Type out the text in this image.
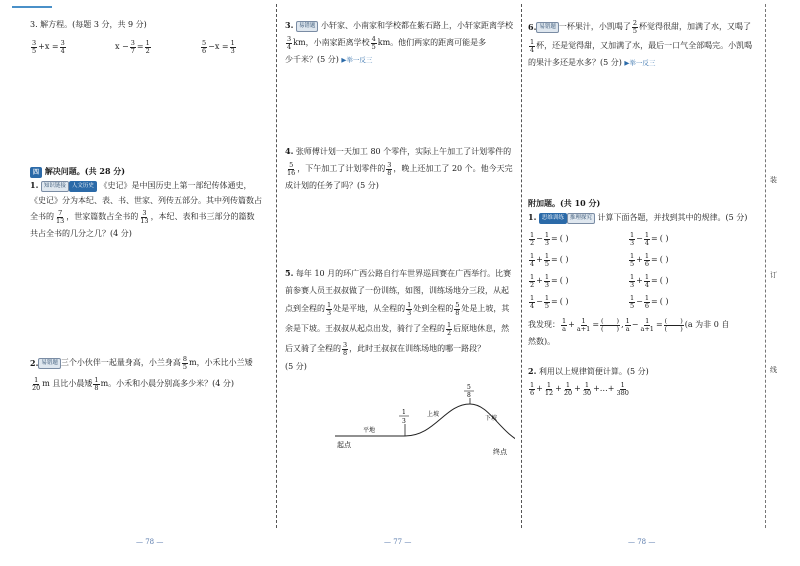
装
订
线
3. 解方程。(每题 3 分，共 9 分)
$\frac{3}{5} +x = \frac{3}{4}$	$x - \frac{3}{7} = \frac{1}{2}$	$\frac{5}{6} -x = \frac{1}{3}$
四 解决问题。(共 28 分)
1. 知识链接 人文历史 《史记》是中国历史上第一部纪传体通史，
《史记》分为本纪、表、书、世家、列传五部分。其中列传篇数占
全书的 $\frac{7}{13}$ ，世家篇数占全书的 $\frac{3}{13}$ ，本纪、表和书三部分的篇数
共占全书的几分之几？(4 分)
2. 易错题 三个小伙伴一起量身高，小兰身高 $\frac{8}{5}$ m，小禾比小兰矮
$\frac{1}{20}$ m 且比小晨矮 $\frac{1}{8}$ m。小禾和小晨分别高多少米？(4 分)
— 78 —
3. 易错题 小轩家、小南家和学校都在紫石路上，小轩家距离学校
$\frac{3}{4}$ km，小南家距离学校 $\frac{4}{5}$ km。他们两家的距离可能是多
少千米？(5 分) ▶举一反三
4. 张师傅计划一天加工 80 个零件，实际上午加工了计划零件的
$\frac{5}{16}$ ，下午加工了计划零件的 $\frac{3}{8}$ ，晚上还加工了 20 个。他今天完
成计划的任务了吗？(5 分)
5. 每年 10 月的环广西公路自行车世界巡回赛在广西举行。比赛
前参赛人员王叔叔做了一份训练，如图，训练场地分三段，从起
点到全程的 $\frac{1}{3}$ 处是平地，从全程的 $\frac{1}{3}$ 处到全程的 $\frac{5}{8}$ 处是上坡，其
余是下坡。王叔叔从起点出发，骑行了全程的 $\frac{1}{2}$ 后原地休息，然
后又骑了全程的 $\frac{3}{8}$ ，此时王叔叔在训练场地的哪一路段？
(5 分)
起点
平地
上坡
下坡
终点
1
3
5
8
— 77 —
6. 易错题 一杯果汁，小凯喝了 $\frac{2}{5}$ 杯觉得很甜，加满了水，又喝了
$\frac{1}{4}$ 杯，还是觉得甜，又加满了水，最后一口气全部喝完。小凯喝
的果汁多还是水多？(5 分) ▶举一反三
附加题。(共 10 分)
1. 思维训练 推理探究 计算下面各题，并找到其中的规律。(5 分)
$\frac{1}{2} - \frac{1}{3}$ = ( )	$\frac{1}{3} - \frac{1}{4}$ = ( )
$\frac{1}{4} + \frac{1}{5}$ = ( )	$\frac{1}{5} + \frac{1}{6}$ = ( )
$\frac{1}{2} + \frac{1}{3}$ = ( )	$\frac{1}{3} + \frac{1}{4}$ = ( )
$\frac{1}{4} - \frac{1}{5}$ = ( )	$\frac{1}{5} - \frac{1}{6}$ = ( )
我发现： $\frac{1}{a} + \frac{1}{a+1} = \frac{( )}{( )}$ , $\frac{1}{a} - \frac{1}{a+1} = \frac{( )}{( )} (a$ 为非 0 自
然数)。
2. 利用以上规律简便计算。(5 分)
$\frac{1}{6} + \frac{1}{12} + \frac{1}{20} + \frac{1}{30}$ +…+ $\frac{1}{380}$
— 78 —
